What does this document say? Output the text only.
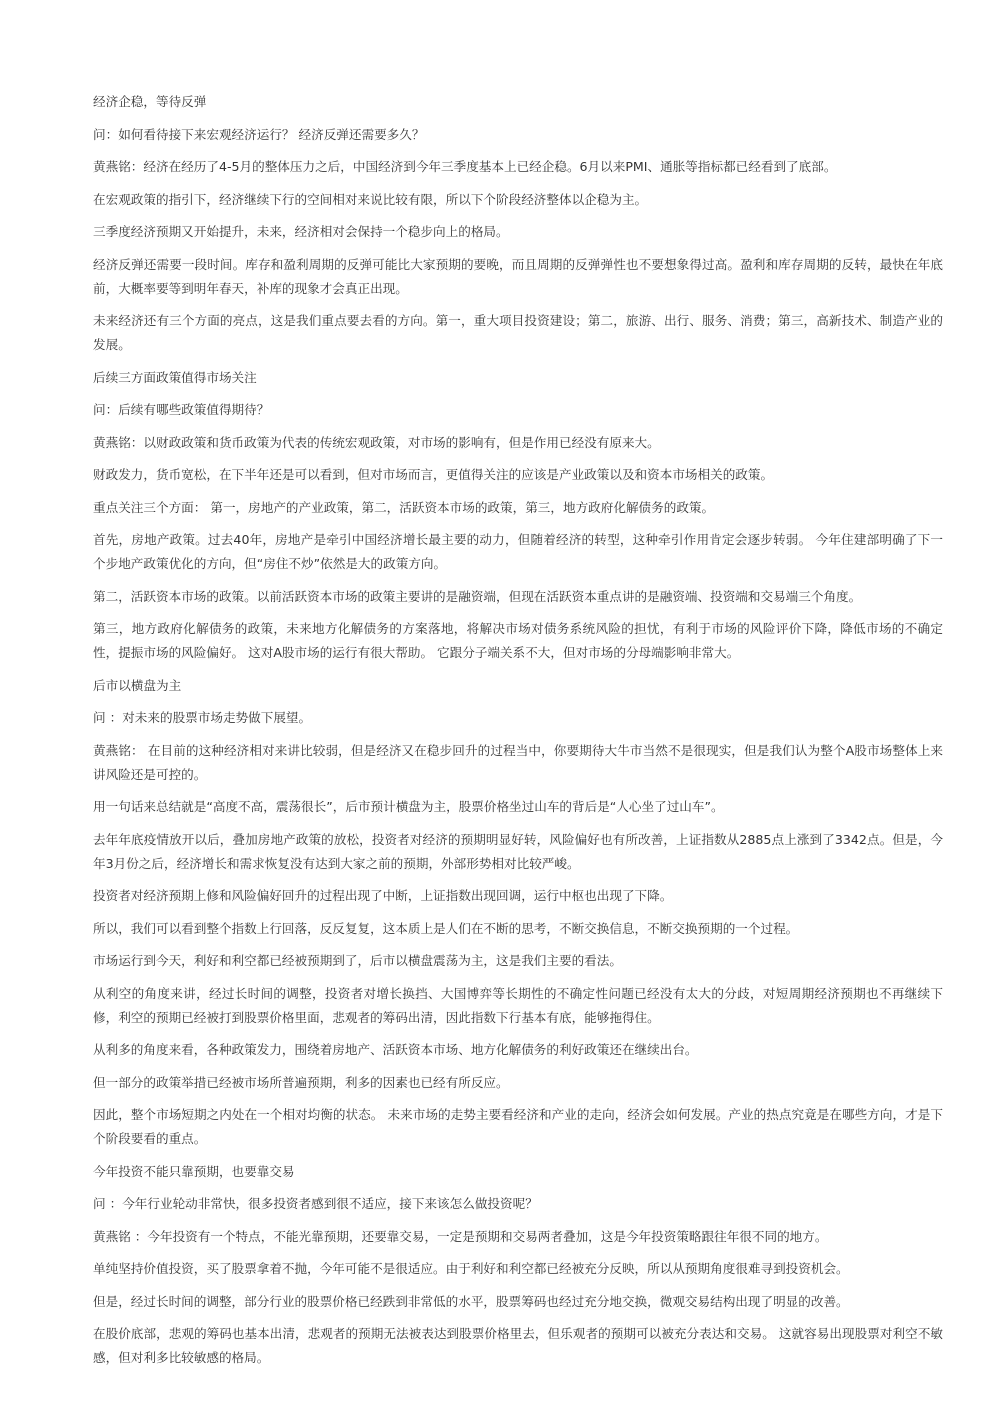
经济企稳，等待反弹

问：如何看待接下来宏观经济运行？ 经济反弹还需要多久？

黄燕铭：经济在经历了4-5月的整体压力之后，中国经济到今年三季度基本上已经企稳。6月以来PMI、通胀等指标都已经看到了底部。

在宏观政策的指引下，经济继续下行的空间相对来说比较有限，所以下个阶段经济整体以企稳为主。

三季度经济预期又开始提升，未来，经济相对会保持一个稳步向上的格局。

经济反弹还需要一段时间。库存和盈利周期的反弹可能比大家预期的要晚，而且周期的反弹弹性也不要想象得过高。盈利和库存周期的反转，最快在年底前，大概率要等到明年春天，补库的现象才会真正出现。

未来经济还有三个方面的亮点，这是我们重点要去看的方向。第一，重大项目投资建设；第二，旅游、出行、服务、消费；第三，高新技术、制造产业的发展。

后续三方面政策值得市场关注

问：后续有哪些政策值得期待？

黄燕铭：以财政政策和货币政策为代表的传统宏观政策，对市场的影响有，但是作用已经没有原来大。

财政发力，货币宽松，在下半年还是可以看到，但对市场而言，更值得关注的应该是产业政策以及和资本市场相关的政策。

重点关注三个方面： 第一，房地产的产业政策，第二，活跃资本市场的政策，第三，地方政府化解债务的政策。

首先，房地产政策。过去40年，房地产是牵引中国经济增长最主要的动力，但随着经济的转型，这种牵引作用肯定会逐步转弱。 今年住建部明确了下一个步地产政策优化的方向，但“房住不炒”依然是大的政策方向。

第二，活跃资本市场的政策。以前活跃资本市场的政策主要讲的是融资端，但现在活跃资本重点讲的是融资端、投资端和交易端三个角度。

第三，地方政府化解债务的政策，未来地方化解债务的方案落地，将解决市场对债务系统风险的担忧，有利于市场的风险评价下降，降低市场的不确定性，提振市场的风险偏好。 这对A股市场的运行有很大帮助。 它跟分子端关系不大，但对市场的分母端影响非常大。

后市以横盘为主

问 ：对未来的股票市场走势做下展望。

黄燕铭： 在目前的这种经济相对来讲比较弱，但是经济又在稳步回升的过程当中，你要期待大牛市当然不是很现实，但是我们认为整个A股市场整体上来讲风险还是可控的。

用一句话来总结就是“高度不高，震荡很长”，后市预计横盘为主，股票价格坐过山车的背后是“人心坐了过山车”。

去年年底疫情放开以后，叠加房地产政策的放松，投资者对经济的预期明显好转，风险偏好也有所改善，上证指数从2885点上涨到了3342点。但是，今年3月份之后，经济增长和需求恢复没有达到大家之前的预期，外部形势相对比较严峻。

投资者对经济预期上修和风险偏好回升的过程出现了中断，上证指数出现回调，运行中枢也出现了下降。

所以，我们可以看到整个指数上行回落，反反复复，这本质上是人们在不断的思考，不断交换信息，不断交换预期的一个过程。

市场运行到今天，利好和利空都已经被预期到了，后市以横盘震荡为主，这是我们主要的看法。

从利空的角度来讲，经过长时间的调整，投资者对增长换挡、大国博弈等长期性的不确定性问题已经没有太大的分歧，对短周期经济预期也不再继续下修，利空的预期已经被打到股票价格里面，悲观者的筹码出清，因此指数下行基本有底，能够拖得住。

从利多的角度来看，各种政策发力，围绕着房地产、活跃资本市场、地方化解债务的利好政策还在继续出台。

但一部分的政策举措已经被市场所普遍预期，利多的因素也已经有所反应。

因此，整个市场短期之内处在一个相对均衡的状态。 未来市场的走势主要看经济和产业的走向，经济会如何发展。产业的热点究竟是在哪些方向，才是下个阶段要看的重点。

今年投资不能只靠预期，也要靠交易

问 ：今年行业轮动非常快，很多投资者感到很不适应，接下来该怎么做投资呢？

黄燕铭 ：今年投资有一个特点，不能光靠预期，还要靠交易，一定是预期和交易两者叠加，这是今年投资策略跟往年很不同的地方。

单纯坚持价值投资，买了股票拿着不抛，今年可能不是很适应。由于利好和利空都已经被充分反映，所以从预期角度很难寻到投资机会。

但是，经过长时间的调整，部分行业的股票价格已经跌到非常低的水平，股票筹码也经过充分地交换，微观交易结构出现了明显的改善。

在股价底部，悲观的筹码也基本出清，悲观者的预期无法被表达到股票价格里去，但乐观者的预期可以被充分表达和交易。 这就容易出现股票对利空不敏感，但对利多比较敏感的格局。
